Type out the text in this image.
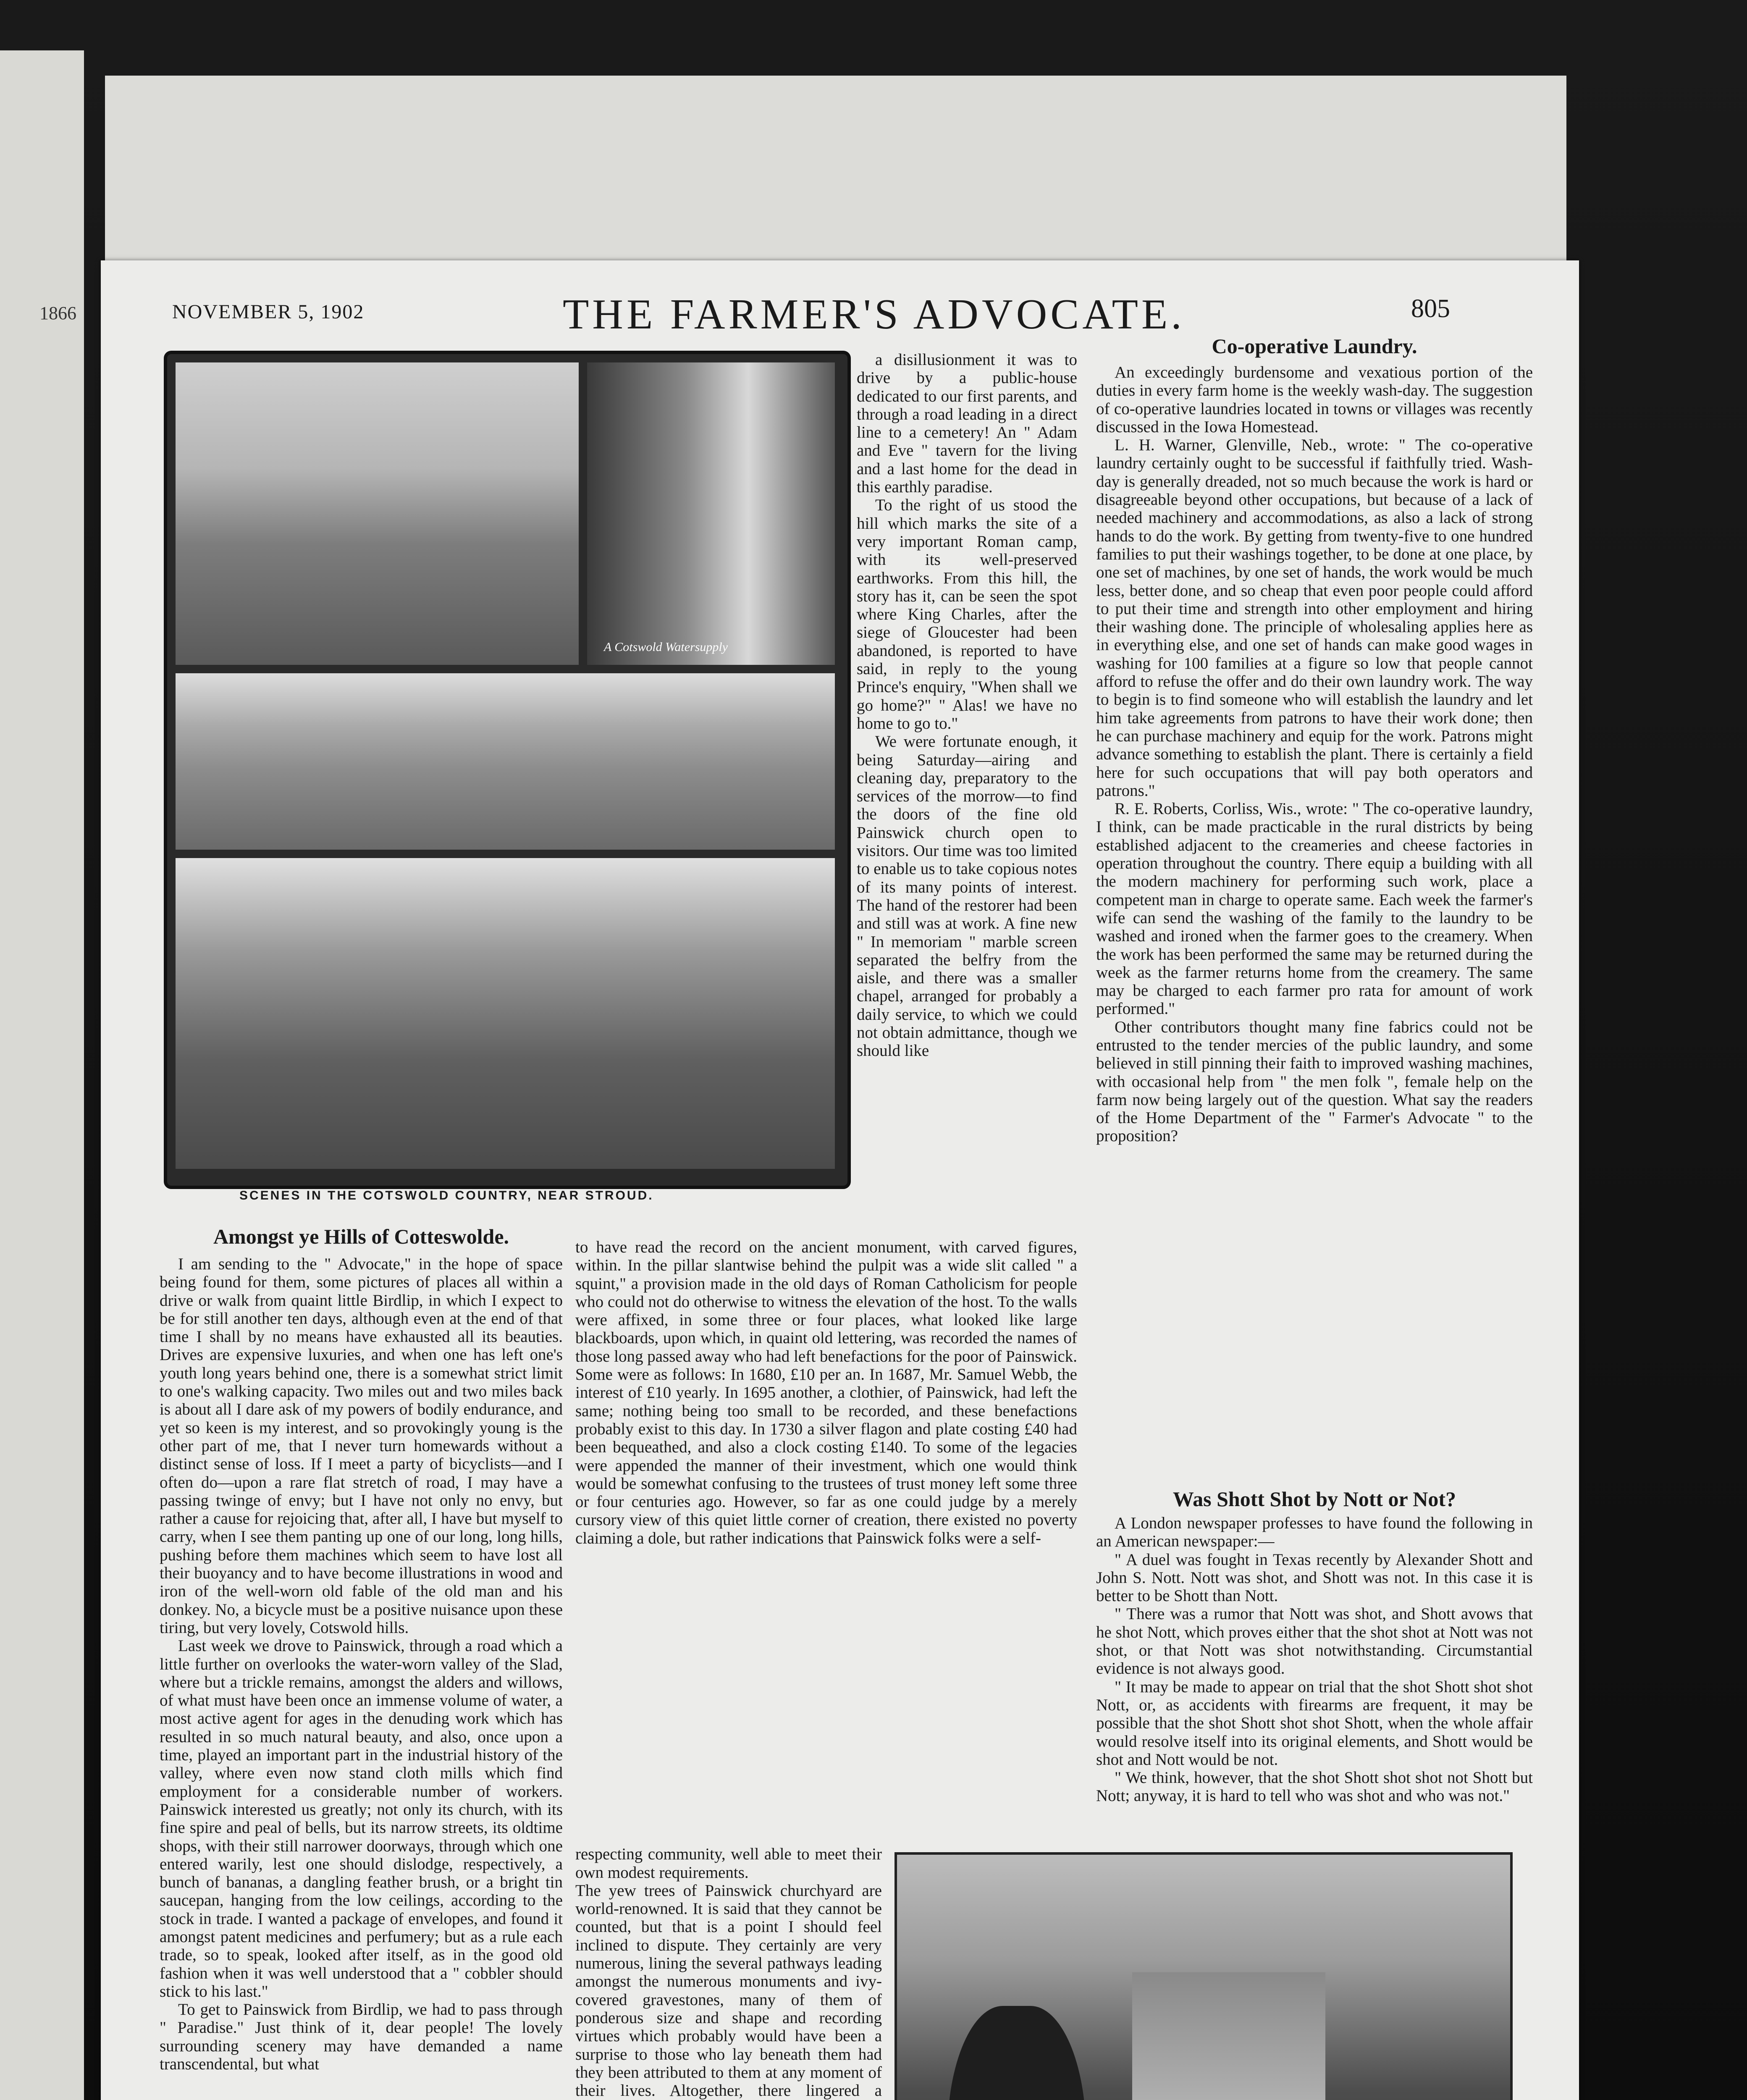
1866	NOVEMBER 5, 1902	THE FARMER'S ADVOCATE.	805
A Cotswold Watersupply
SCENES IN THE COTSWOLD COUNTRY, NEAR STROUD.
Amongst ye Hills of Cotteswolde.

I am sending to the " Advocate," in the hope of space being found for them, some pictures of places all within a drive or walk from quaint little Birdlip, in which I expect to be for still another ten days, although even at the end of that time I shall by no means have exhausted all its beauties. Drives are expensive luxuries, and when one has left one's youth long years behind one, there is a somewhat strict limit to one's walking capacity. Two miles out and two miles back is about all I dare ask of my powers of bodily endurance, and yet so keen is my interest, and so provokingly young is the other part of me, that I never turn homewards without a distinct sense of loss. If I meet a party of bicyclists—and I often do—upon a rare flat stretch of road, I may have a passing twinge of envy; but I have not only no envy, but rather a cause for rejoicing that, after all, I have but myself to carry, when I see them panting up one of our long, long hills, pushing before them machines which seem to have lost all their buoyancy and to have become illustrations in wood and iron of the well-worn old fable of the old man and his donkey. No, a bicycle must be a positive nuisance upon these tiring, but very lovely, Cotswold hills.

Last week we drove to Painswick, through a road which a little further on overlooks the water-worn valley of the Slad, where but a trickle remains, amongst the alders and willows, of what must have been once an immense volume of water, a most active agent for ages in the denuding work which has resulted in so much natural beauty, and also, once upon a time, played an important part in the industrial history of the valley, where even now stand cloth mills which find employment for a considerable number of workers. Painswick interested us greatly; not only its church, with its fine spire and peal of bells, but its narrow streets, its oldtime shops, with their still narrower doorways, through which one entered warily, lest one should dislodge, respectively, a bunch of bananas, a dangling feather brush, or a bright tin saucepan, hanging from the low ceilings, according to the stock in trade. I wanted a package of envelopes, and found it amongst patent medicines and perfumery; but as a rule each trade, so to speak, looked after itself, as in the good old fashion when it was well understood that a " cobbler should stick to his last."

To get to Painswick from Birdlip, we had to pass through " Paradise." Just think of it, dear people! The lovely surrounding scenery may have demanded a name transcendental, but what

a disillusionment it was to drive by a public-house dedicated to our first parents, and through a road leading in a direct line to a cemetery! An " Adam and Eve " tavern for the living and a last home for the dead in this earthly paradise.

To the right of us stood the hill which marks the site of a very important Roman camp, with its well-preserved earthworks. From this hill, the story has it, can be seen the spot where King Charles, after the siege of Gloucester had been abandoned, is reported to have said, in reply to the young Prince's enquiry, "When shall we go home?" " Alas! we have no home to go to."

We were fortunate enough, it being Saturday—airing and cleaning day, preparatory to the services of the morrow—to find the doors of the fine old Painswick church open to visitors. Our time was too limited to enable us to take copious notes of its many points of interest. The hand of the restorer had been and still was at work. A fine new " In memoriam " marble screen separated the belfry from the aisle, and there was a smaller chapel, arranged for probably a daily service, to which we could not obtain admittance, though we should like

to have read the record on the ancient monument, with carved figures, within. In the pillar slantwise behind the pulpit was a wide slit called " a squint," a provision made in the old days of Roman Catholicism for people who could not do otherwise to witness the elevation of the host. To the walls were affixed, in some three or four places, what looked like large blackboards, upon which, in quaint old lettering, was recorded the names of those long passed away who had left benefactions for the poor of Painswick. Some were as follows: In 1680, £10 per an. In 1687, Mr. Samuel Webb, the interest of £10 yearly. In 1695 another, a clothier, of Painswick, had left the same; nothing being too small to be recorded, and these benefactions probably exist to this day. In 1730 a silver flagon and plate costing £40 had been bequeathed, and also a clock costing £140. To some of the legacies were appended the manner of their investment, which one would think would be somewhat confusing to the trustees of trust money left some three or four centuries ago. However, so far as one could judge by a merely cursory view of this quiet little corner of creation, there existed no poverty claiming a dole, but rather indications that Painswick folks were a self-

respecting community, well able to meet their own modest requirements.
The yew trees of Painswick churchyard are world-renowned. It is said that they cannot be counted, but that is a point I should feel inclined to dispute. They certainly are very numerous, lining the several pathways leading amongst the numerous monuments and ivy-covered gravestones, many of them of ponderous size and shape and recording virtues which probably would have been a surprise to those who lay beneath them had they been attributed to them at any moment of their lives. Altogether, there lingered a

Co-operative Laundry.

An exceedingly burdensome and vexatious portion of the duties in every farm home is the weekly wash-day. The suggestion of co-operative laundries located in towns or villages was recently discussed in the Iowa Homestead.

L. H. Warner, Glenville, Neb., wrote: " The co-operative laundry certainly ought to be successful if faithfully tried. Wash-day is generally dreaded, not so much because the work is hard or disagreeable beyond other occupations, but because of a lack of needed machinery and accommodations, as also a lack of strong hands to do the work. By getting from twenty-five to one hundred families to put their washings together, to be done at one place, by one set of machines, by one set of hands, the work would be much less, better done, and so cheap that even poor people could afford to put their time and strength into other employment and hiring their washing done. The principle of wholesaling applies here as in everything else, and one set of hands can make good wages in washing for 100 families at a figure so low that people cannot afford to refuse the offer and do their own laundry work. The way to begin is to find someone who will establish the laundry and let him take agreements from patrons to have their work done; then he can purchase machinery and equip for the work. Patrons might advance something to establish the plant. There is certainly a field here for such occupations that will pay both operators and patrons."

R. E. Roberts, Corliss, Wis., wrote: " The co-operative laundry, I think, can be made practicable in the rural districts by being established adjacent to the creameries and cheese factories in operation throughout the country. There equip a building with all the modern machinery for performing such work, place a competent man in charge to operate same. Each week the farmer's wife can send the washing of the family to the laundry to be washed and ironed when the farmer goes to the creamery. When the work has been performed the same may be returned during the week as the farmer returns home from the creamery. The same may be charged to each farmer pro rata for amount of work performed."

Other contributors thought many fine fabrics could not be entrusted to the tender mercies of the public laundry, and some believed in still pinning their faith to improved washing machines, with occasional help from " the men folk ", female help on the farm now being largely out of the question. What say the readers of the Home Department of the " Farmer's Advocate " to the proposition?

Was Shott Shot by Nott or Not?

A London newspaper professes to have found the following in an American newspaper:—

" A duel was fought in Texas recently by Alexander Shott and John S. Nott. Nott was shot, and Shott was not. In this case it is better to be Shott than Nott.

" There was a rumor that Nott was shot, and Shott avows that he shot Nott, which proves either that the shot shot at Nott was not shot, or that Nott was shot notwithstanding. Circumstantial evidence is not always good.

" It may be made to appear on trial that the shot Shott shot shot Nott, or, as accidents with firearms are frequent, it may be possible that the shot Shott shot shot Shott, when the whole affair would resolve itself into its original elements, and Shott would be shot and Nott would be not.

" We think, however, that the shot Shott shot shot not Shott but Nott; anyway, it is hard to tell who was shot and who was not."
